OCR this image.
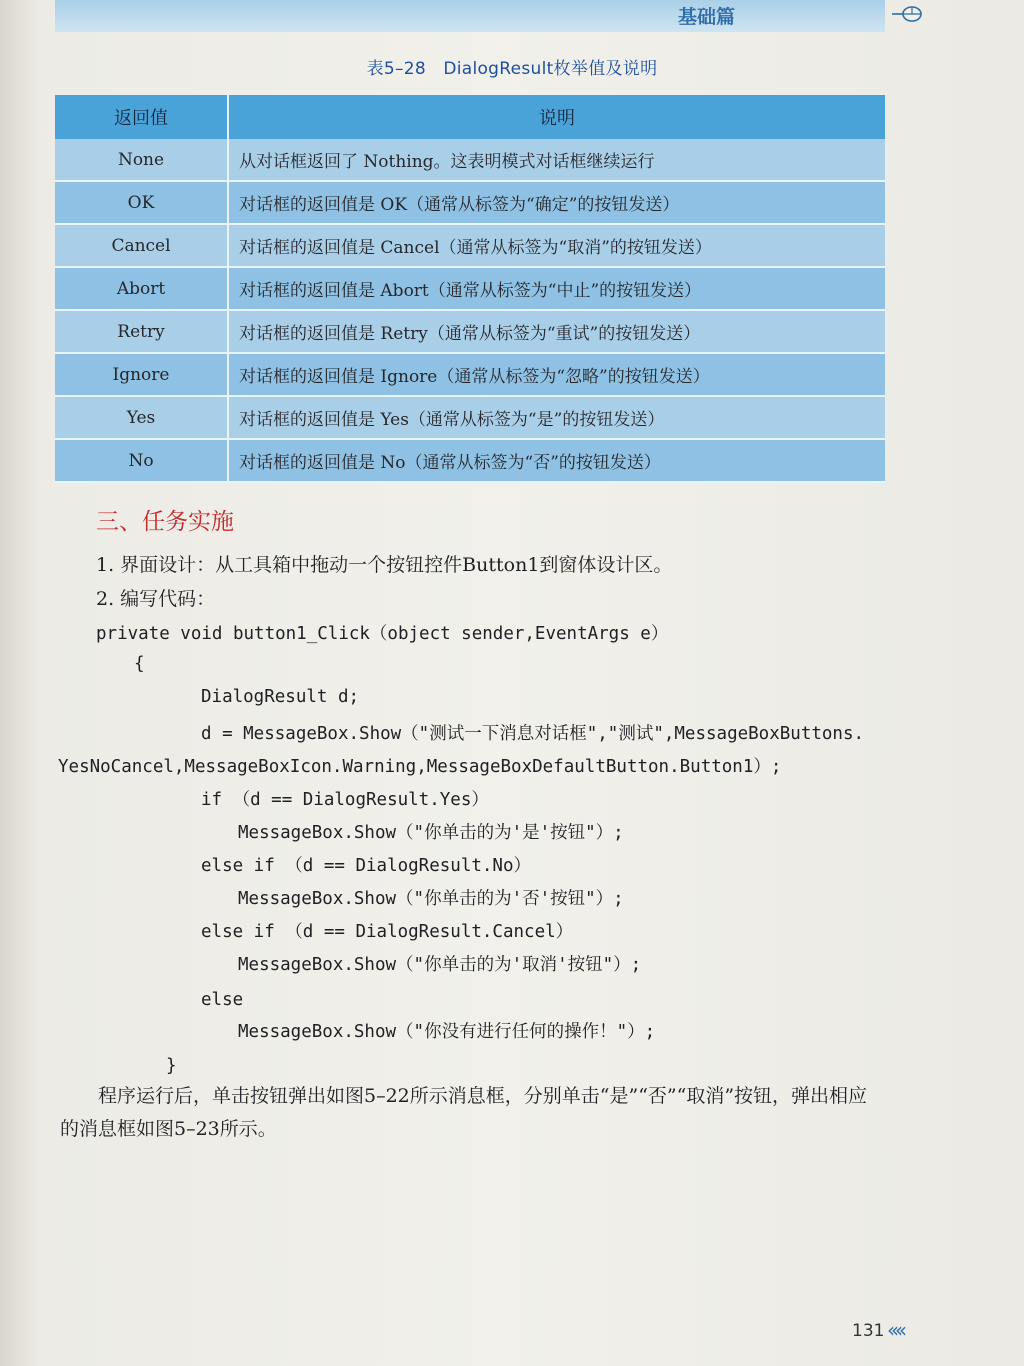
基础篇
表5–28　DialogResult枚举值及说明
返回值	说明
None	从对话框返回了 Nothing。这表明模式对话框继续运行
OK	对话框的返回值是 OK（通常从标签为“确定”的按钮发送）
Cancel	对话框的返回值是 Cancel（通常从标签为“取消”的按钮发送）
Abort	对话框的返回值是 Abort（通常从标签为“中止”的按钮发送）
Retry	对话框的返回值是 Retry（通常从标签为“重试”的按钮发送）
Ignore	对话框的返回值是 Ignore（通常从标签为“忽略”的按钮发送）
Yes	对话框的返回值是 Yes（通常从标签为“是”的按钮发送）
No	对话框的返回值是 No（通常从标签为“否”的按钮发送）
三、任务实施
1. 界面设计：从工具箱中拖动一个按钮控件Button1到窗体设计区。
2. 编写代码：
private void button1_Click（object sender,EventArgs e）
{
DialogResult d;
d = MessageBox.Show（"测试一下消息对话框","测试",MessageBoxButtons.
YesNoCancel,MessageBoxIcon.Warning,MessageBoxDefaultButton.Button1）;
if （d == DialogResult.Yes）
MessageBox.Show（"你单击的为'是'按钮"）;
else if （d == DialogResult.No）
MessageBox.Show（"你单击的为'否'按钮"）;
else if （d == DialogResult.Cancel）
MessageBox.Show（"你单击的为'取消'按钮"）;
else
MessageBox.Show（"你没有进行任何的操作！"）;
}
程序运行后，单击按钮弹出如图5–22所示消息框，分别单击“是”“否”“取消”按钮，弹出相应的消息框如图5–23所示。
131 ‹‹‹‹
